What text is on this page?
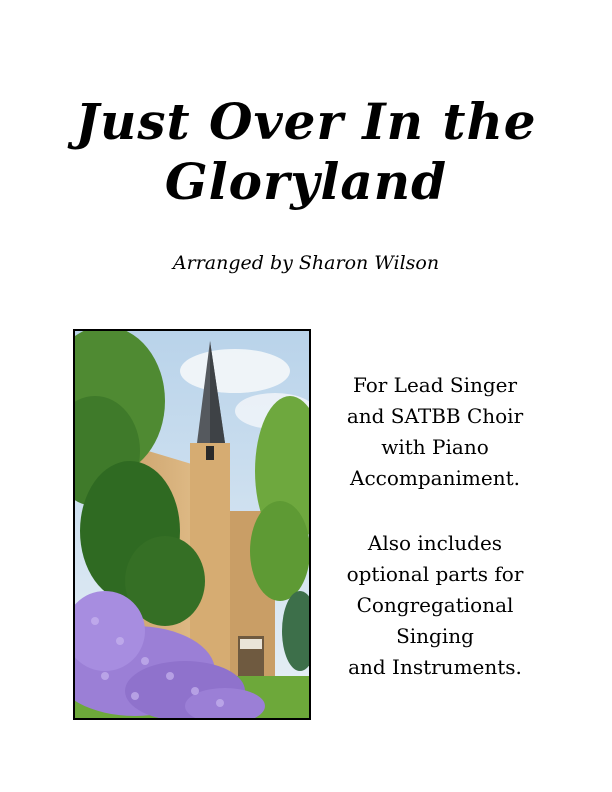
Just Over In the
Gloryland
Arranged by Sharon Wilson
For Lead Singer
and SATBB Choir
with Piano
Accompaniment.
Also includes
optional parts for
Congregational
Singing
and Instruments.
